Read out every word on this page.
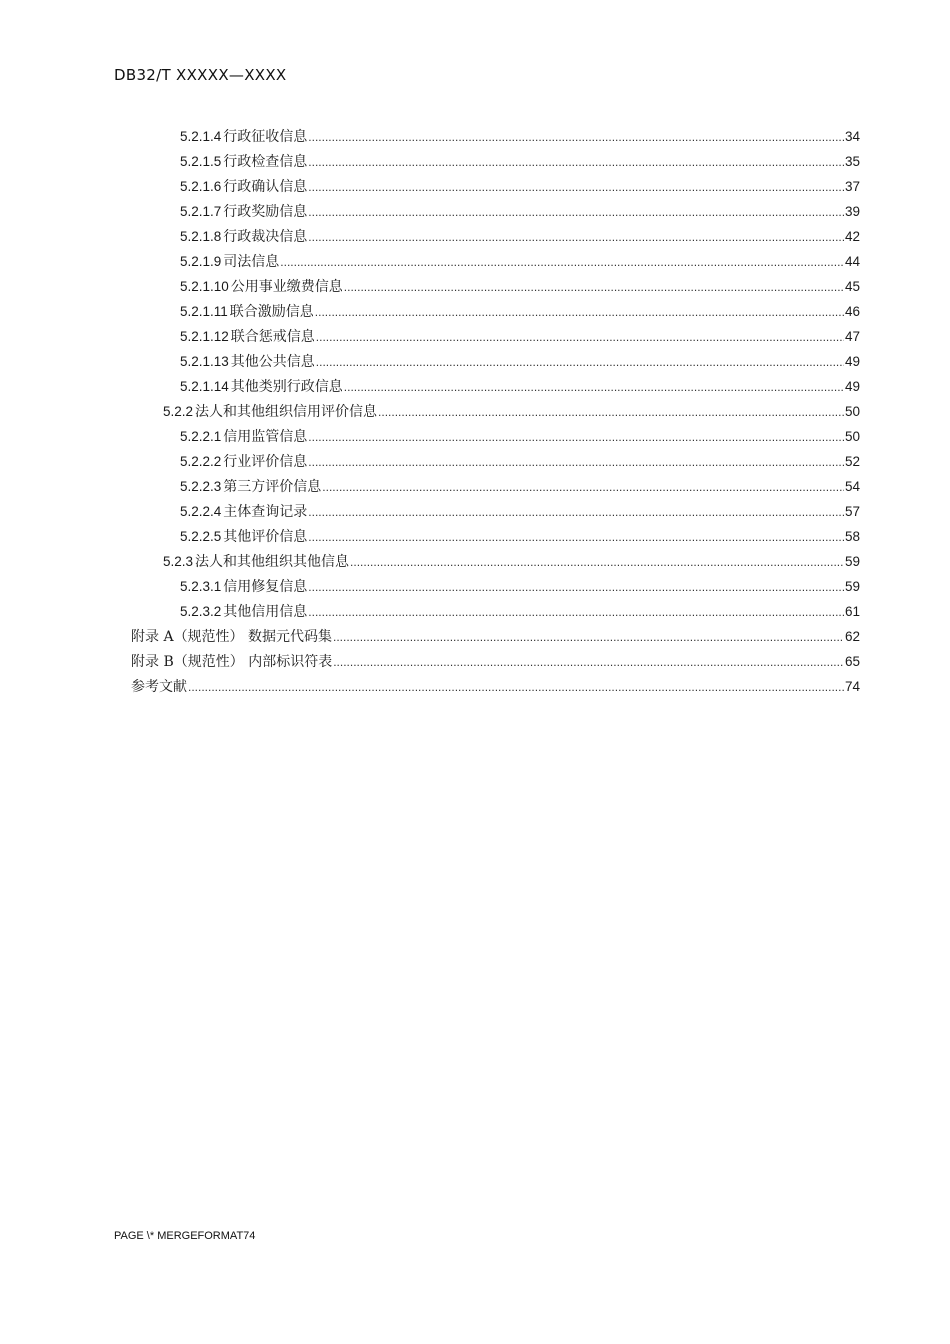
DB32/T XXXXX—XXXX
5.2.1.4 行政征收信息 .....	34
5.2.1.5 行政检查信息 .....	35
5.2.1.6 行政确认信息 .....	37
5.2.1.7 行政奖励信息 .....	39
5.2.1.8 行政裁决信息 .....	42
5.2.1.9 司法信息 .....	44
5.2.1.10 公用事业缴费信息 .....	45
5.2.1.11 联合激励信息 .....	46
5.2.1.12 联合惩戒信息 .....	47
5.2.1.13 其他公共信息 .....	49
5.2.1.14 其他类别行政信息 .....	49
5.2.2 法人和其他组织信用评价信息 .....	50
5.2.2.1 信用监管信息 .....	50
5.2.2.2 行业评价信息 .....	52
5.2.2.3 第三方评价信息 .....	54
5.2.2.4 主体查询记录 .....	57
5.2.2.5 其他评价信息 .....	58
5.2.3 法人和其他组织其他信息 .....	59
5.2.3.1 信用修复信息 .....	59
5.2.3.2 其他信用信息 .....	61
附录 A （规范性） 数据元代码集 .....	62
附录 B （规范性） 内部标识符表 .....	65
参考文献 .....	74
PAGE \* MERGEFORMAT74
